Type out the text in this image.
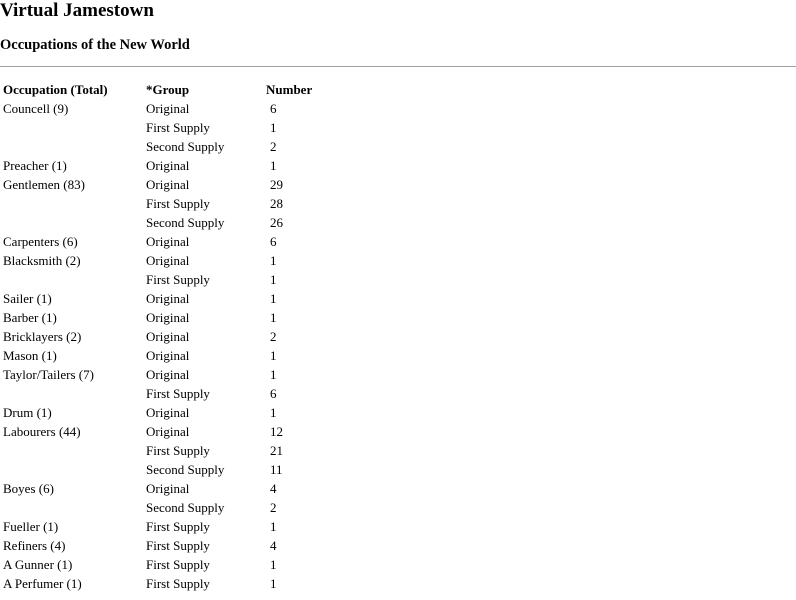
Virtual Jamestown
Occupations of the New World
Occupation (Total)	*Group	Number
Councell (9)	Original	6
	First Supply	1
	Second Supply	2
Preacher (1)	Original	1
Gentlemen (83)	Original	29
	First Supply	28
	Second Supply	26
Carpenters (6)	Original	6
Blacksmith (2)	Original	1
	First Supply	1
Sailer (1)	Original	1
Barber (1)	Original	1
Bricklayers (2)	Original	2
Mason (1)	Original	1
Taylor/Tailers (7)	Original	1
	First Supply	6
Drum (1)	Original	1
Labourers (44)	Original	12
	First Supply	21
	Second Supply	11
Boyes (6)	Original	4
	Second Supply	2
Fueller (1)	First Supply	1
Refiners (4)	First Supply	4
A Gunner (1)	First Supply	1
A Perfumer (1)	First Supply	1
